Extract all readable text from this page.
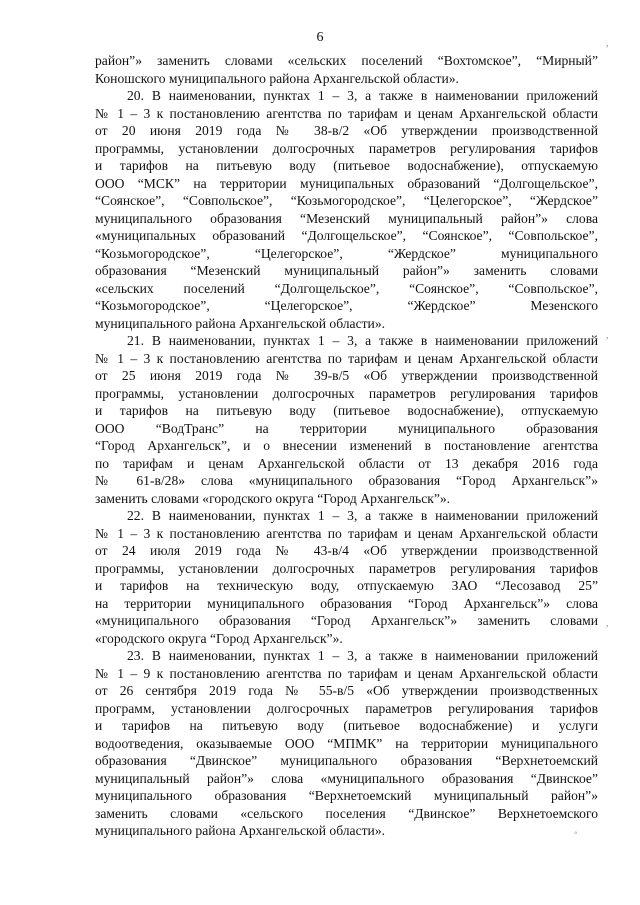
6	,
,
,
◦
район”» заменить словами «сельских поселений “Вохтомское”, “Мирный”
Коношского муниципального района Архангельской области».
20. В наименовании, пунктах 1 – 3, а также в наименовании приложений
№ 1 – 3 к постановлению агентства по тарифам и ценам Архангельской области
от 20 июня 2019 года № 38-в/2 «Об утверждении производственной
программы, установлении долгосрочных параметров регулирования тарифов
и тарифов на питьевую воду (питьевое водоснабжение), отпускаемую
ООО “МСК” на территории муниципальных образований “Долгощельское”,
“Соянское”, “Совпольское”, “Козьмогородское”, “Целегорское”, “Жердское”
муниципального образования “Мезенский муниципальный район”» слова
«муниципальных образований “Долгощельское”, “Соянское”, “Совпольское”,
“Козьмогородское”, “Целегорское”, “Жердское” муниципального
образования “Мезенский муниципальный район”» заменить словами
«сельских поселений “Долгощельское”, “Соянское”, “Совпольское”,
“Козьмогородское”, “Целегорское”, “Жердское” Мезенского
муниципального района Архангельской области».
21. В наименовании, пунктах 1 – 3, а также в наименовании приложений
№ 1 – 3 к постановлению агентства по тарифам и ценам Архангельской области
от 25 июня 2019 года № 39-в/5 «Об утверждении производственной
программы, установлении долгосрочных параметров регулирования тарифов
и тарифов на питьевую воду (питьевое водоснабжение), отпускаемую
ООО “ВодТранс” на территории муниципального образования
“Город Архангельск”, и о внесении изменений в постановление агентства
по тарифам и ценам Архангельской области от 13 декабря 2016 года
№ 61-в/28» слова «муниципального образования “Город Архангельск”»
заменить словами «городского округа “Город Архангельск”».
22. В наименовании, пунктах 1 – 3, а также в наименовании приложений
№ 1 – 3 к постановлению агентства по тарифам и ценам Архангельской области
от 24 июля 2019 года № 43-в/4 «Об утверждении производственной
программы, установлении долгосрочных параметров регулирования тарифов
и тарифов на техническую воду, отпускаемую ЗАО “Лесозавод 25”
на территории муниципального образования “Город Архангельск”» слова
«муниципального образования “Город Архангельск”» заменить словами
«городского округа “Город Архангельск”».
23. В наименовании, пунктах 1 – 3, а также в наименовании приложений
№ 1 – 9 к постановлению агентства по тарифам и ценам Архангельской области
от 26 сентября 2019 года № 55-в/5 «Об утверждении производственных
программ, установлении долгосрочных параметров регулирования тарифов
и тарифов на питьевую воду (питьевое водоснабжение) и услуги
водоотведения, оказываемые ООО “МПМК” на территории муниципального
образования “Двинское” муниципального образования “Верхнетоемский
муниципальный район”» слова «муниципального образования “Двинское”
муниципального образования “Верхнетоемский муниципальный район”»
заменить словами «сельского поселения “Двинское” Верхнетоемского
муниципального района Архангельской области».
